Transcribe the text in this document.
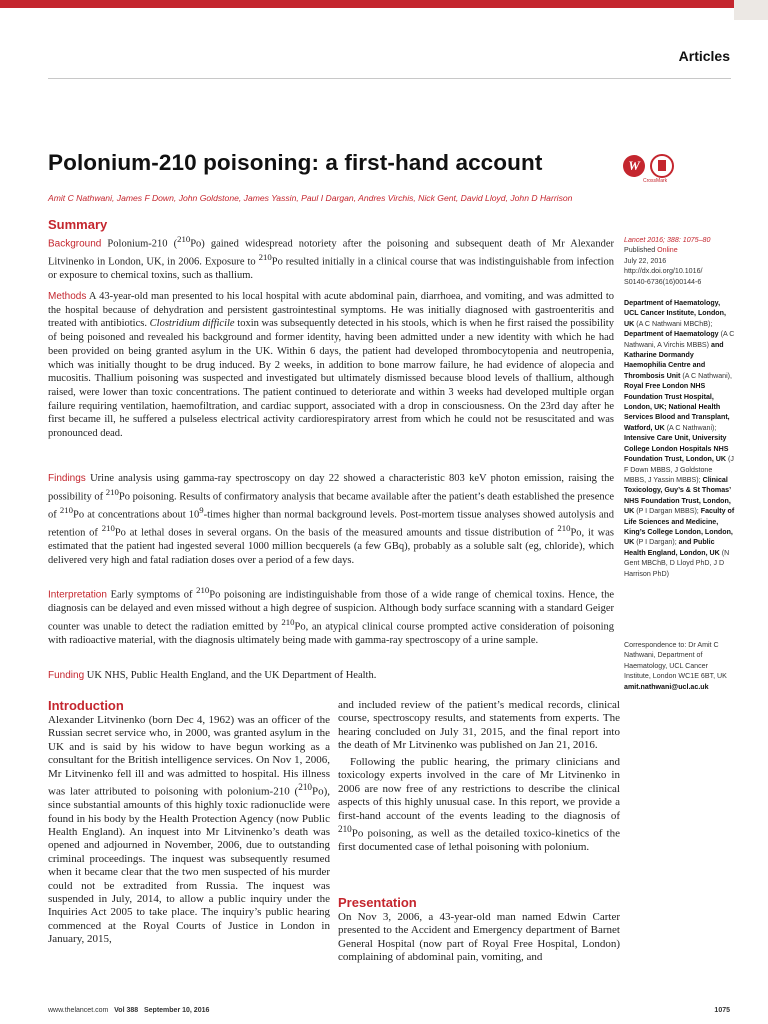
Articles
Polonium-210 poisoning: a first-hand account	W
CrossMark
Amit C Nathwani, James F Down, John Goldstone, James Yassin, Paul I Dargan, Andres Virchis, Nick Gent, David Lloyd, John D Harrison
Summary

Background Polonium-210 ($^{210}$Po) gained widespread notoriety after the poisoning and subsequent death of Mr Alexander Litvinenko in London, UK, in 2006. Exposure to $^{210}$Po resulted initially in a clinical course that was indistinguishable from infection or exposure to chemical toxins, such as thallium.

Methods A 43-year-old man presented to his local hospital with acute abdominal pain, diarrhoea, and vomiting, and was admitted to the hospital because of dehydration and persistent gastrointestinal symptoms. He was initially diagnosed with gastroenteritis and treated with antibiotics. Clostridium difficile toxin was subsequently detected in his stools, which is when he first raised the possibility of being poisoned and revealed his background and former identity, having been admitted under a new identity with which he had been provided on being granted asylum in the UK. Within 6 days, the patient had developed thrombocytopenia and neutropenia, which was initially thought to be drug induced. By 2 weeks, in addition to bone marrow failure, he had evidence of alopecia and mucositis. Thallium poisoning was suspected and investigated but ultimately dismissed because blood levels of thallium, although raised, were lower than toxic concentrations. The patient continued to deteriorate and within 3 weeks had developed multiple organ failure requiring ventilation, haemofiltration, and cardiac support, associated with a drop in consciousness. On the 23rd day after he first became ill, he suffered a pulseless electrical activity cardiorespiratory arrest from which he could not be resuscitated and was pronounced dead.

Findings Urine analysis using gamma-ray spectroscopy on day 22 showed a characteristic 803 keV photon emission, raising the possibility of $^{210}$Po poisoning. Results of confirmatory analysis that became available after the patient’s death established the presence of $^{210}$Po at concentrations about $10^9$-times higher than normal background levels. Post-mortem tissue analyses showed autolysis and retention of $^{210}$Po at lethal doses in several organs. On the basis of the measured amounts and tissue distribution of $^{210}$Po, it was estimated that the patient had ingested several 1000 million becquerels (a few GBq), probably as a soluble salt (eg, chloride), which delivered very high and fatal radiation doses over a period of a few days.

Interpretation Early symptoms of $^{210}$Po poisoning are indistinguishable from those of a wide range of chemical toxins. Hence, the diagnosis can be delayed and even missed without a high degree of suspicion. Although body surface scanning with a standard Geiger counter was unable to detect the radiation emitted by $^{210}$Po, an atypical clinical course prompted active consideration of poisoning with radioactive material, with the diagnosis ultimately being made with gamma-ray spectroscopy of a urine sample.

Funding UK NHS, Public Health England, and the UK Department of Health.

Lancet 2016; 388: 1075–80
Published Online
July 22, 2016
http://dx.doi.org/10.1016/
S0140-6736(16)00144-6
Department of Haematology, UCL Cancer Institute, London, UK (A C Nathwani MBChB); Department of Haematology (A C Nathwani, A Virchis MBBS) and Katharine Dormandy Haemophilia Centre and Thrombosis Unit (A C Nathwani), Royal Free London NHS Foundation Trust Hospital, London, UK; National Health Services Blood and Transplant, Watford, UK (A C Nathwani); Intensive Care Unit, University College London Hospitals NHS Foundation Trust, London, UK (J F Down MBBS, J Goldstone MBBS, J Yassin MBBS); Clinical Toxicology, Guy’s & St Thomas’ NHS Foundation Trust, London, UK (P I Dargan MBBS); Faculty of Life Sciences and Medicine, King’s College London, London, UK (P I Dargan); and Public Health England, London, UK (N Gent MBChB, D Lloyd PhD, J D Harrison PhD)
Correspondence to: Dr Amit C Nathwani, Department of Haematology, UCL Cancer Institute, London WC1E 6BT, UK
amit.nathwani@ucl.ac.uk
Introduction

Alexander Litvinenko (born Dec 4, 1962) was an officer of the Russian secret service who, in 2000, was granted asylum in the UK and is said by his widow to have begun working as a consultant for the British intelligence services. On Nov 1, 2006, Mr Litvinenko fell ill and was admitted to hospital. His illness was later attributed to poisoning with polonium-210 ($^{210}$Po), since substantial amounts of this highly toxic radionuclide were found in his body by the Health Protection Agency (now Public Health England). An inquest into Mr Litvinenko’s death was opened and adjourned in November, 2006, due to outstanding criminal proceedings. The inquest was subsequently resumed when it became clear that the two men suspected of his murder could not be extradited from Russia. The inquest was suspended in July, 2014, to allow a public inquiry under the Inquiries Act 2005 to take place. The inquiry’s public hearing commenced at the Royal Courts of Justice in London in January, 2015,

and included review of the patient’s medical records, clinical course, spectroscopy results, and statements from experts. The hearing concluded on July 31, 2015, and the final report into the death of Mr Litvinenko was published on Jan 21, 2016.

Following the public hearing, the primary clinicians and toxicology experts involved in the care of Mr Litvinenko in 2006 are now free of any restrictions to describe the clinical aspects of this highly unusual case. In this report, we provide a first-hand account of the events leading to the diagnosis of $^{210}$Po poisoning, as well as the detailed toxico-kinetics of the first documented case of lethal poisoning with polonium.

Presentation

On Nov 3, 2006, a 43-year-old man named Edwin Carter presented to the Accident and Emergency department of Barnet General Hospital (now part of Royal Free Hospital, London) complaining of abdominal pain, vomiting, and

www.thelancet.com Vol 388 September 10, 2016	1075
